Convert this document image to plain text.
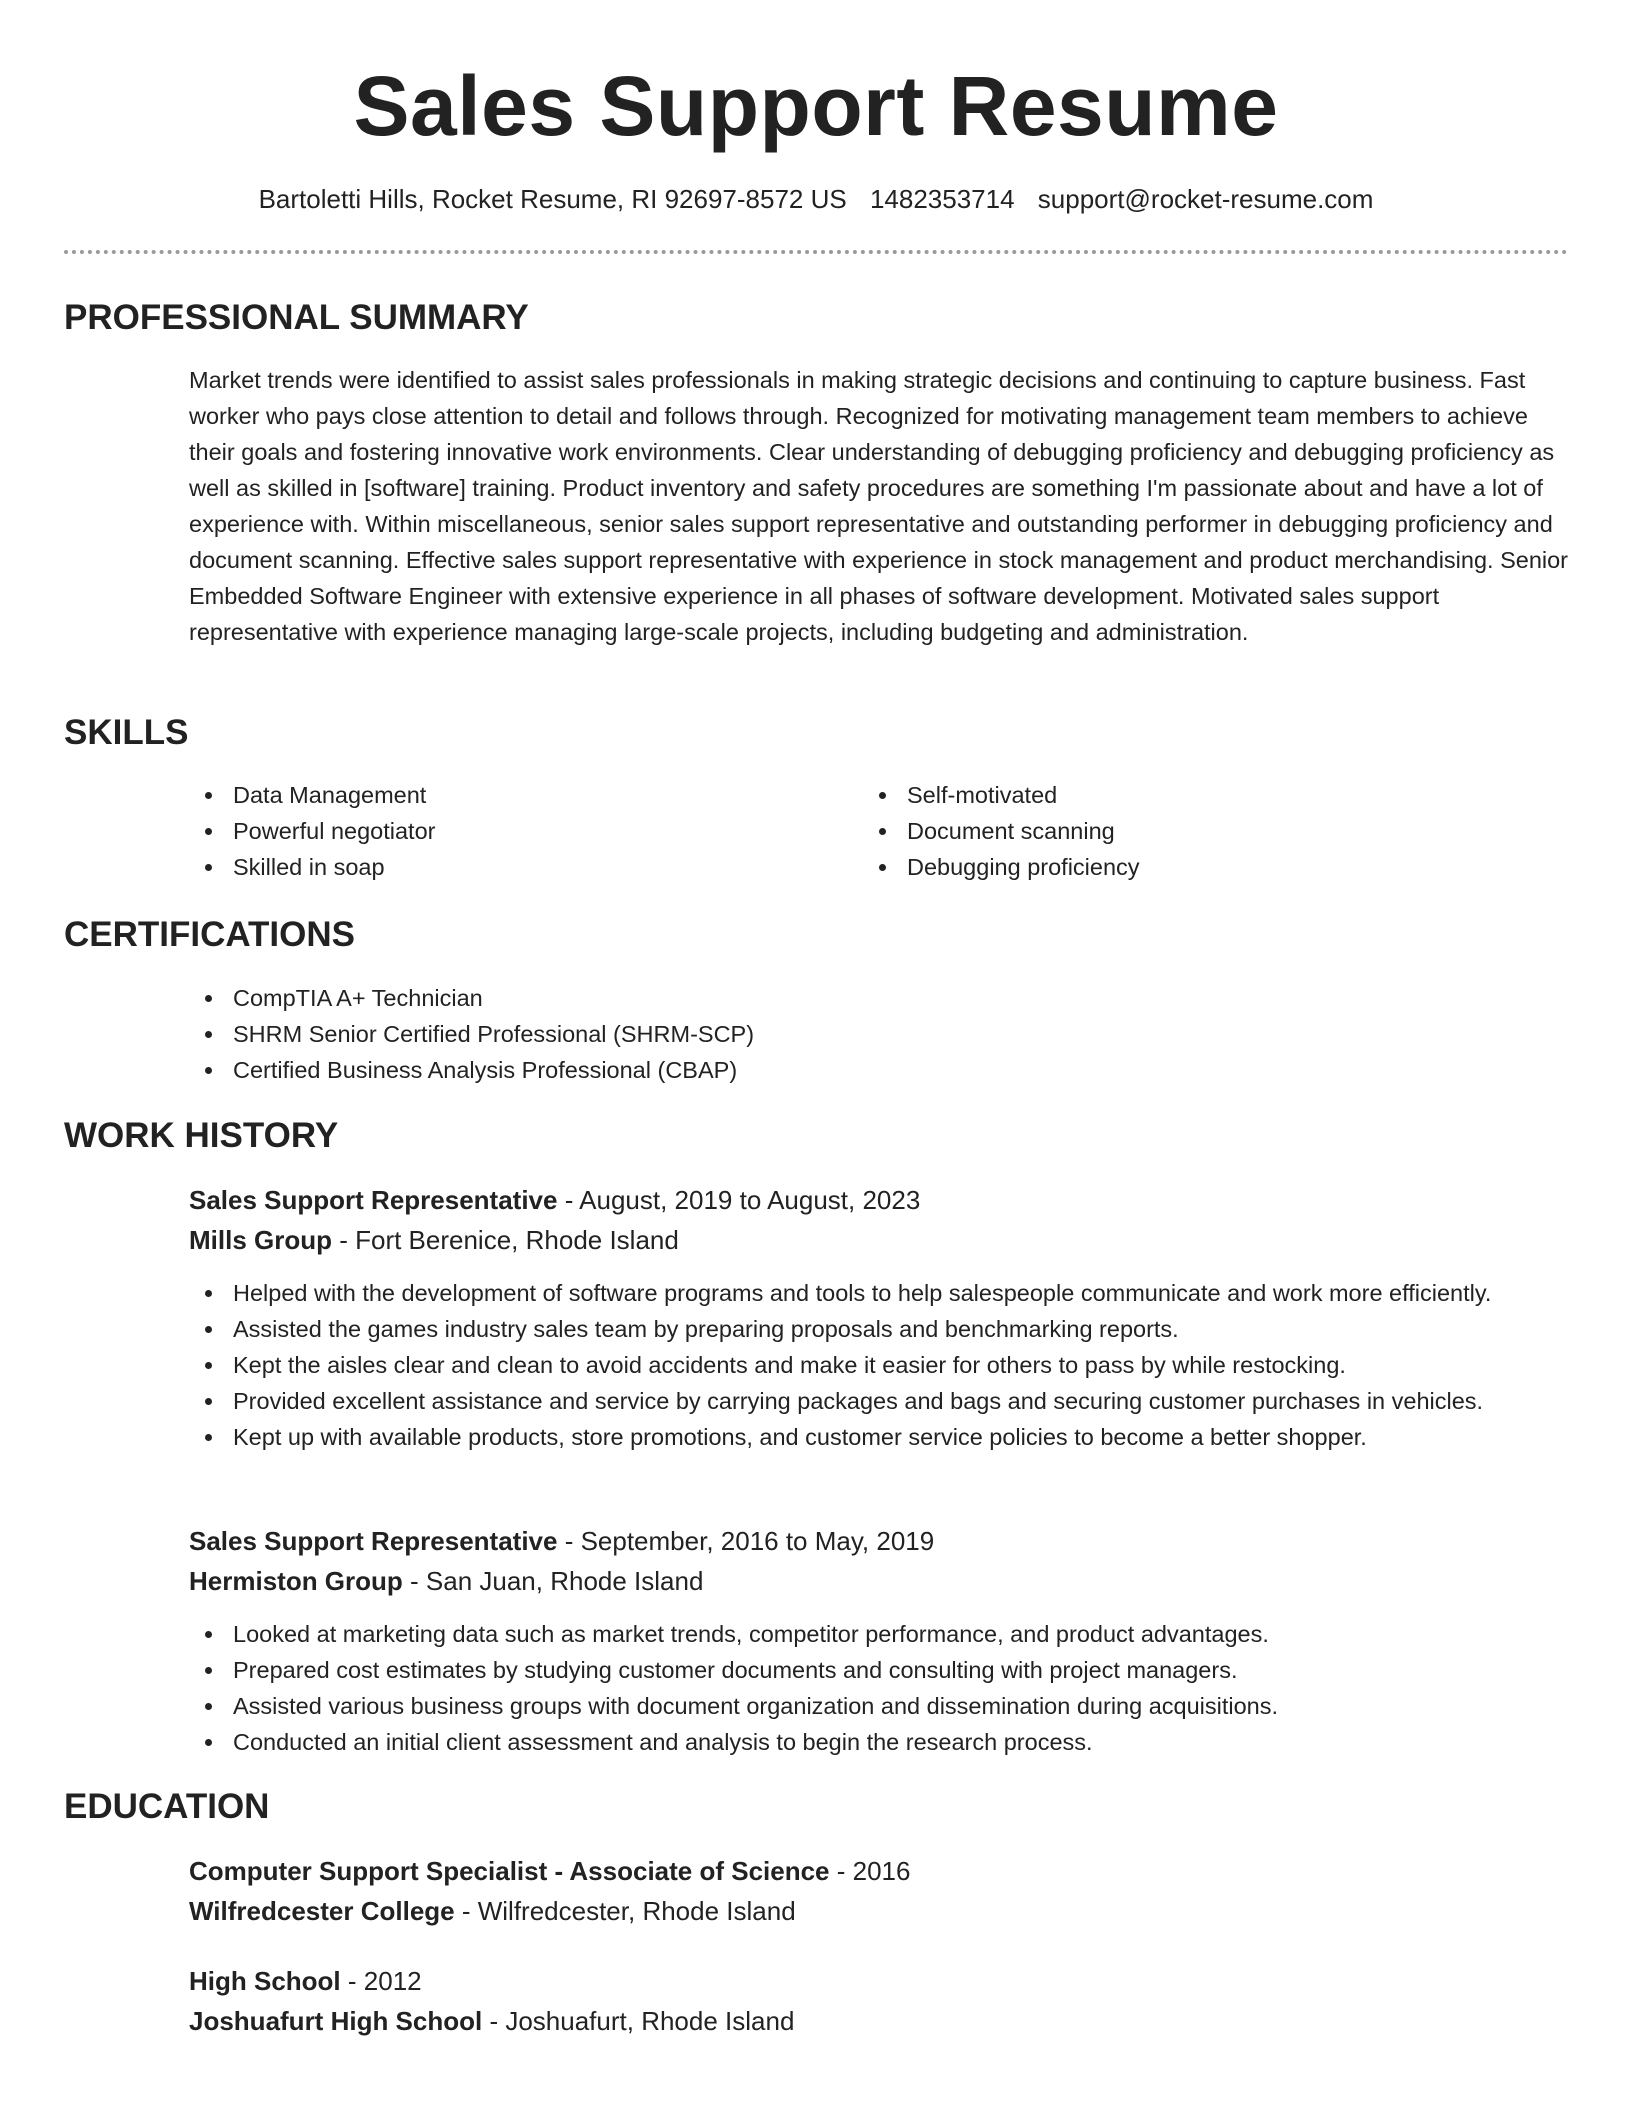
Sales Support Resume
Bartoletti Hills, Rocket Resume, RI 92697-8572 US 1482353714 support@rocket-resume.com
PROFESSIONAL SUMMARY

Market trends were identified to assist sales professionals in making strategic decisions and continuing to capture business. Fast worker who pays close attention to detail and follows through. Recognized for motivating management team members to achieve their goals and fostering innovative work environments. Clear understanding of debugging proficiency and debugging proficiency as well as skilled in [software] training. Product inventory and safety procedures are something I'm passionate about and have a lot of experience with. Within miscellaneous, senior sales support representative and outstanding performer in debugging proficiency and document scanning. Effective sales support representative with experience in stock management and product merchandising. Senior Embedded Software Engineer with extensive experience in all phases of software development. Motivated sales support representative with experience managing large-scale projects, including budgeting and administration.

SKILLS
Data Management
Powerful negotiator
Skilled in soap
Self-motivated
Document scanning
Debugging proficiency
CERTIFICATIONS
CompTIA A+ Technician
SHRM Senior Certified Professional (SHRM-SCP)
Certified Business Analysis Professional (CBAP)
WORK HISTORY
Sales Support Representative - August, 2019 to August, 2023
Mills Group - Fort Berenice, Rhode Island
Helped with the development of software programs and tools to help salespeople communicate and work more efficiently.
Assisted the games industry sales team by preparing proposals and benchmarking reports.
Kept the aisles clear and clean to avoid accidents and make it easier for others to pass by while restocking.
Provided excellent assistance and service by carrying packages and bags and securing customer purchases in vehicles.
Kept up with available products, store promotions, and customer service policies to become a better shopper.
Sales Support Representative - September, 2016 to May, 2019
Hermiston Group - San Juan, Rhode Island
Looked at marketing data such as market trends, competitor performance, and product advantages.
Prepared cost estimates by studying customer documents and consulting with project managers.
Assisted various business groups with document organization and dissemination during acquisitions.
Conducted an initial client assessment and analysis to begin the research process.
EDUCATION
Computer Support Specialist - Associate of Science - 2016
Wilfredcester College - Wilfredcester, Rhode Island
High School - 2012
Joshuafurt High School - Joshuafurt, Rhode Island
